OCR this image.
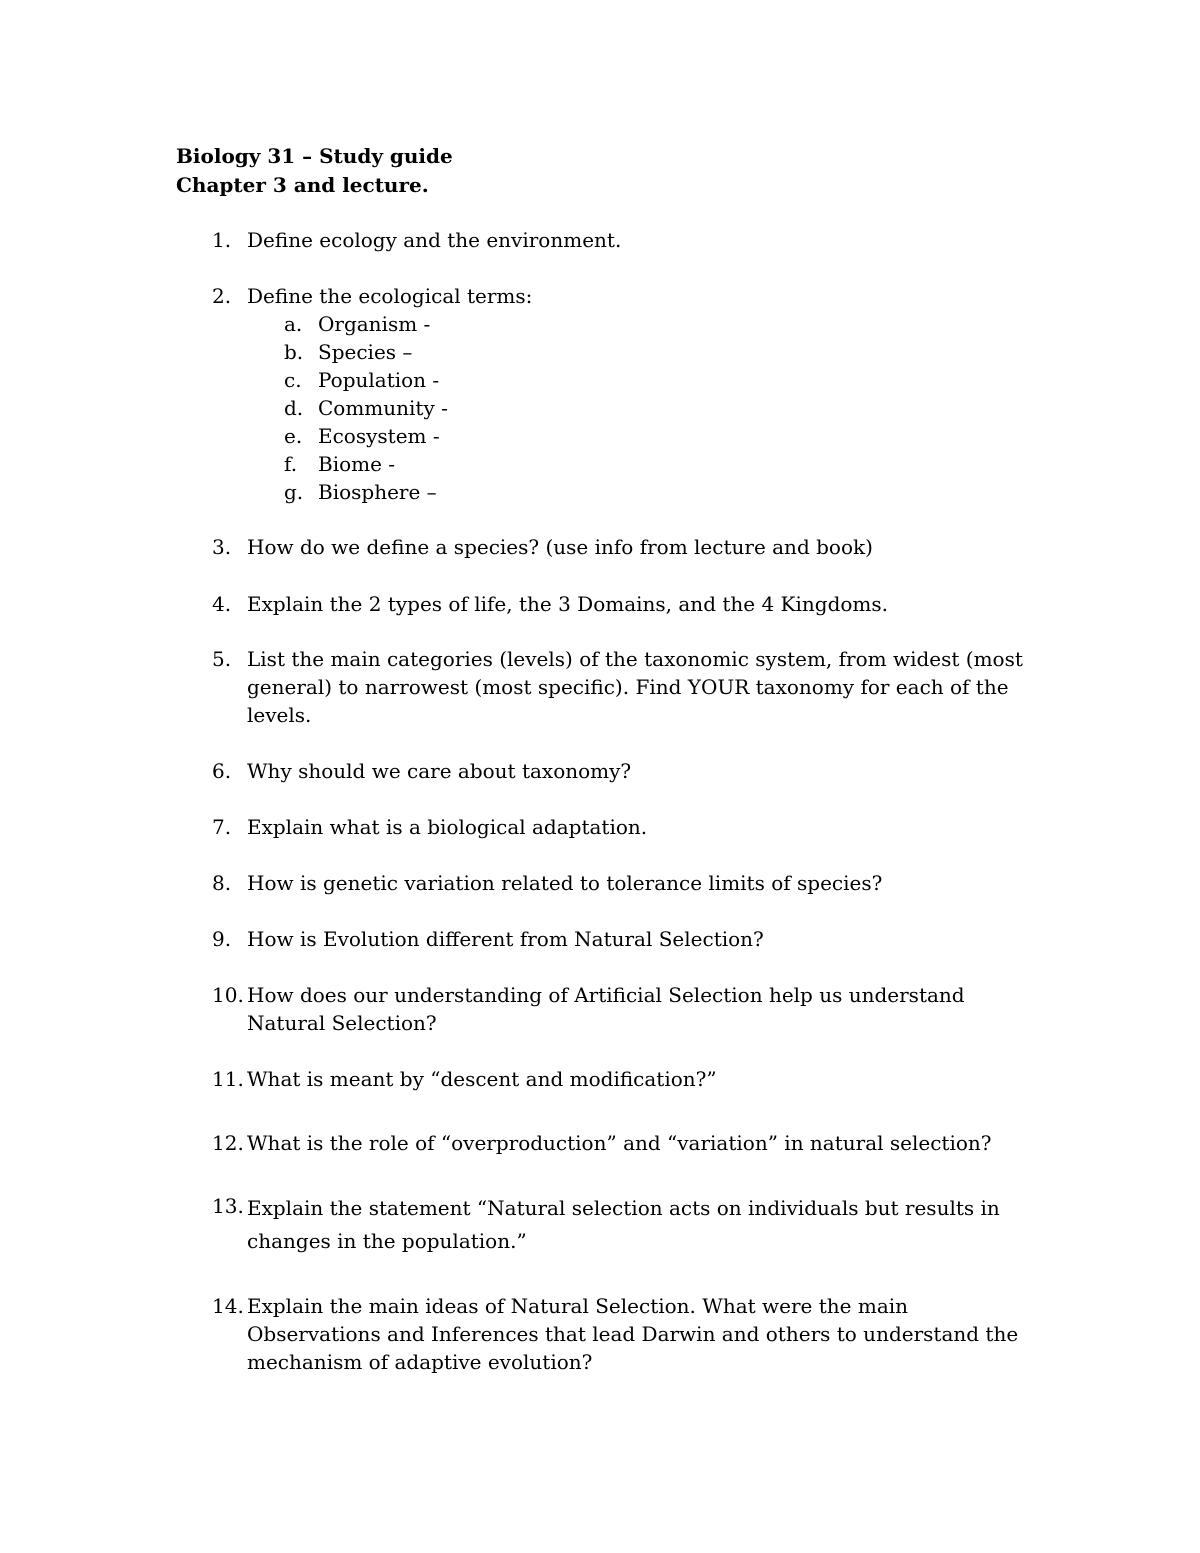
Biology 31 – Study guide
Chapter 3 and lecture.
1. Define ecology and the environment.
2. Define the ecological terms:
a. Organism -
b. Species –
c. Population -
d. Community -
e. Ecosystem -
f. Biome -
g. Biosphere –
3. How do we define a species? (use info from lecture and book)
4. Explain the 2 types of life, the 3 Domains, and the 4 Kingdoms.
5. List the main categories (levels) of the taxonomic system, from widest (most general) to narrowest (most specific). Find YOUR taxonomy for each of the levels.
6. Why should we care about taxonomy?
7. Explain what is a biological adaptation.
8. How is genetic variation related to tolerance limits of species?
9. How is Evolution different from Natural Selection?
10. How does our understanding of Artificial Selection help us understand Natural Selection?
11. What is meant by “descent and modification?”
12. What is the role of “overproduction” and “variation” in natural selection?
13. Explain the statement “Natural selection acts on individuals but results in changes in the population.”
14. Explain the main ideas of Natural Selection. What were the main Observations and Inferences that lead Darwin and others to understand the mechanism of adaptive evolution?
